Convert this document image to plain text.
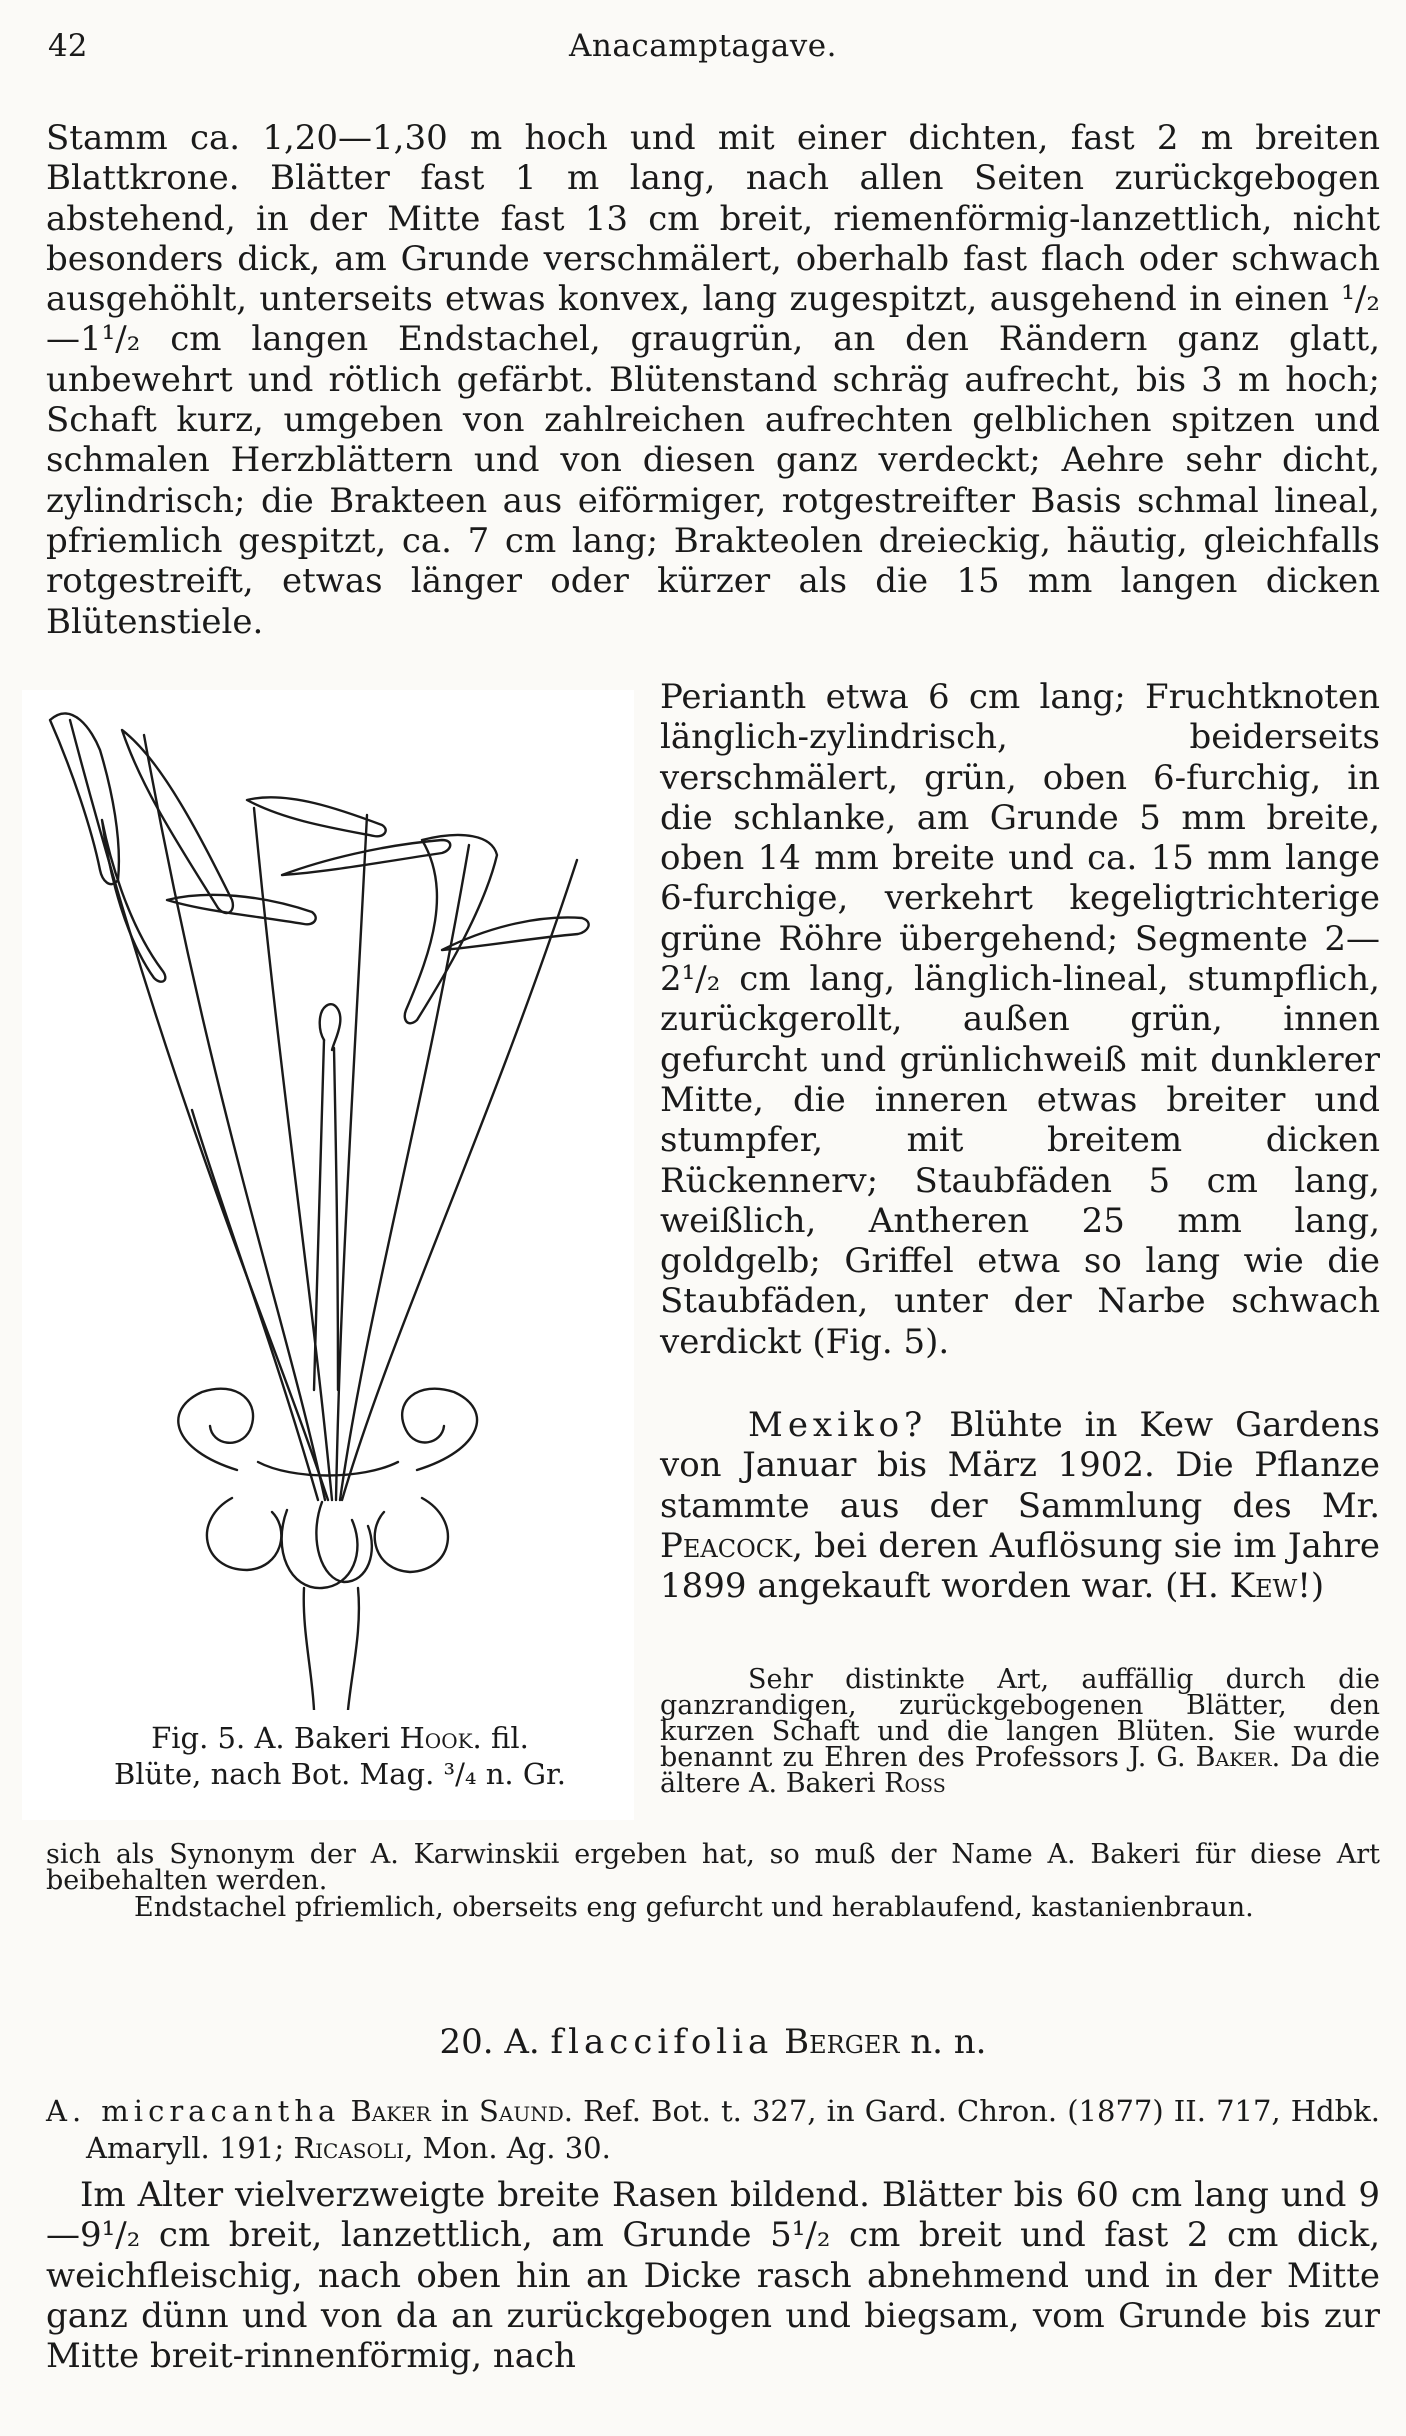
42	Anacamptagave.

Stamm ca. 1,20—1,30 m hoch und mit einer dichten, fast 2 m breiten Blattkrone. Blätter fast 1 m lang, nach allen Seiten zurückgebogen abstehend, in der Mitte fast 13 cm breit, riemenförmig-lanzettlich, nicht besonders dick, am Grunde verschmälert, oberhalb fast flach oder schwach ausgehöhlt, unterseits etwas konvex, lang zugespitzt, ausgehend in einen ¹/₂—1¹/₂ cm langen Endstachel, graugrün, an den Rändern ganz glatt, unbewehrt und rötlich gefärbt. Blütenstand schräg aufrecht, bis 3 m hoch; Schaft kurz, umgeben von zahlreichen aufrechten gelblichen spitzen und schmalen Herzblättern und von diesen ganz verdeckt; Aehre sehr dicht, zylindrisch; die Brakteen aus eiförmiger, rotgestreifter Basis schmal lineal, pfriemlich gespitzt, ca. 7 cm lang; Brakteolen dreieckig, häutig, gleichfalls rotgestreift, etwas länger oder kürzer als die 15 mm langen dicken Blütenstiele.

Fig. 5. A. Bakeri Hook. fil.
Blüte, nach Bot. Mag. ³/₄ n. Gr.

Perianth etwa 6 cm lang; Fruchtknoten länglich-zylindrisch, beiderseits verschmälert, grün, oben 6-furchig, in die schlanke, am Grunde 5 mm breite, oben 14 mm breite und ca. 15 mm lange 6-furchige, verkehrt kegeligtrichterige grüne Röhre übergehend; Segmente 2—2¹/₂ cm lang, länglich-lineal, stumpflich, zurückgerollt, außen grün, innen gefurcht und grünlichweiß mit dunklerer Mitte, die inneren etwas breiter und stumpfer, mit breitem dicken Rückennerv; Staubfäden 5 cm lang, weißlich, Antheren 25 mm lang, goldgelb; Griffel etwa so lang wie die Staubfäden, unter der Narbe schwach verdickt (Fig. 5).

Mexiko? Blühte in Kew Gardens von Januar bis März 1902. Die Pflanze stammte aus der Sammlung des Mr. Peacock, bei deren Auflösung sie im Jahre 1899 angekauft worden war. (H. Kew!)

Sehr distinkte Art, auffällig durch die ganzrandigen, zurückgebogenen Blätter, den kurzen Schaft und die langen Blüten. Sie wurde benannt zu Ehren des Professors J. G. Baker. Da die ältere A. Bakeri Ross

sich als Synonym der A. Karwinskii ergeben hat, so muß der Name A. Bakeri für diese Art beibehalten werden.

Endstachel pfriemlich, oberseits eng gefurcht und herablaufend, kastanienbraun.

20. A. flaccifolia Berger n. n.

A. micracantha Baker in Saund. Ref. Bot. t. 327, in Gard. Chron. (1877) II. 717, Hdbk. Amaryll. 191; Ricasoli, Mon. Ag. 30.

Im Alter vielverzweigte breite Rasen bildend. Blätter bis 60 cm lang und 9—9¹/₂ cm breit, lanzettlich, am Grunde 5¹/₂ cm breit und fast 2 cm dick, weichfleischig, nach oben hin an Dicke rasch abnehmend und in der Mitte ganz dünn und von da an zurückgebogen und biegsam, vom Grunde bis zur Mitte breit-rinnenförmig, nach
